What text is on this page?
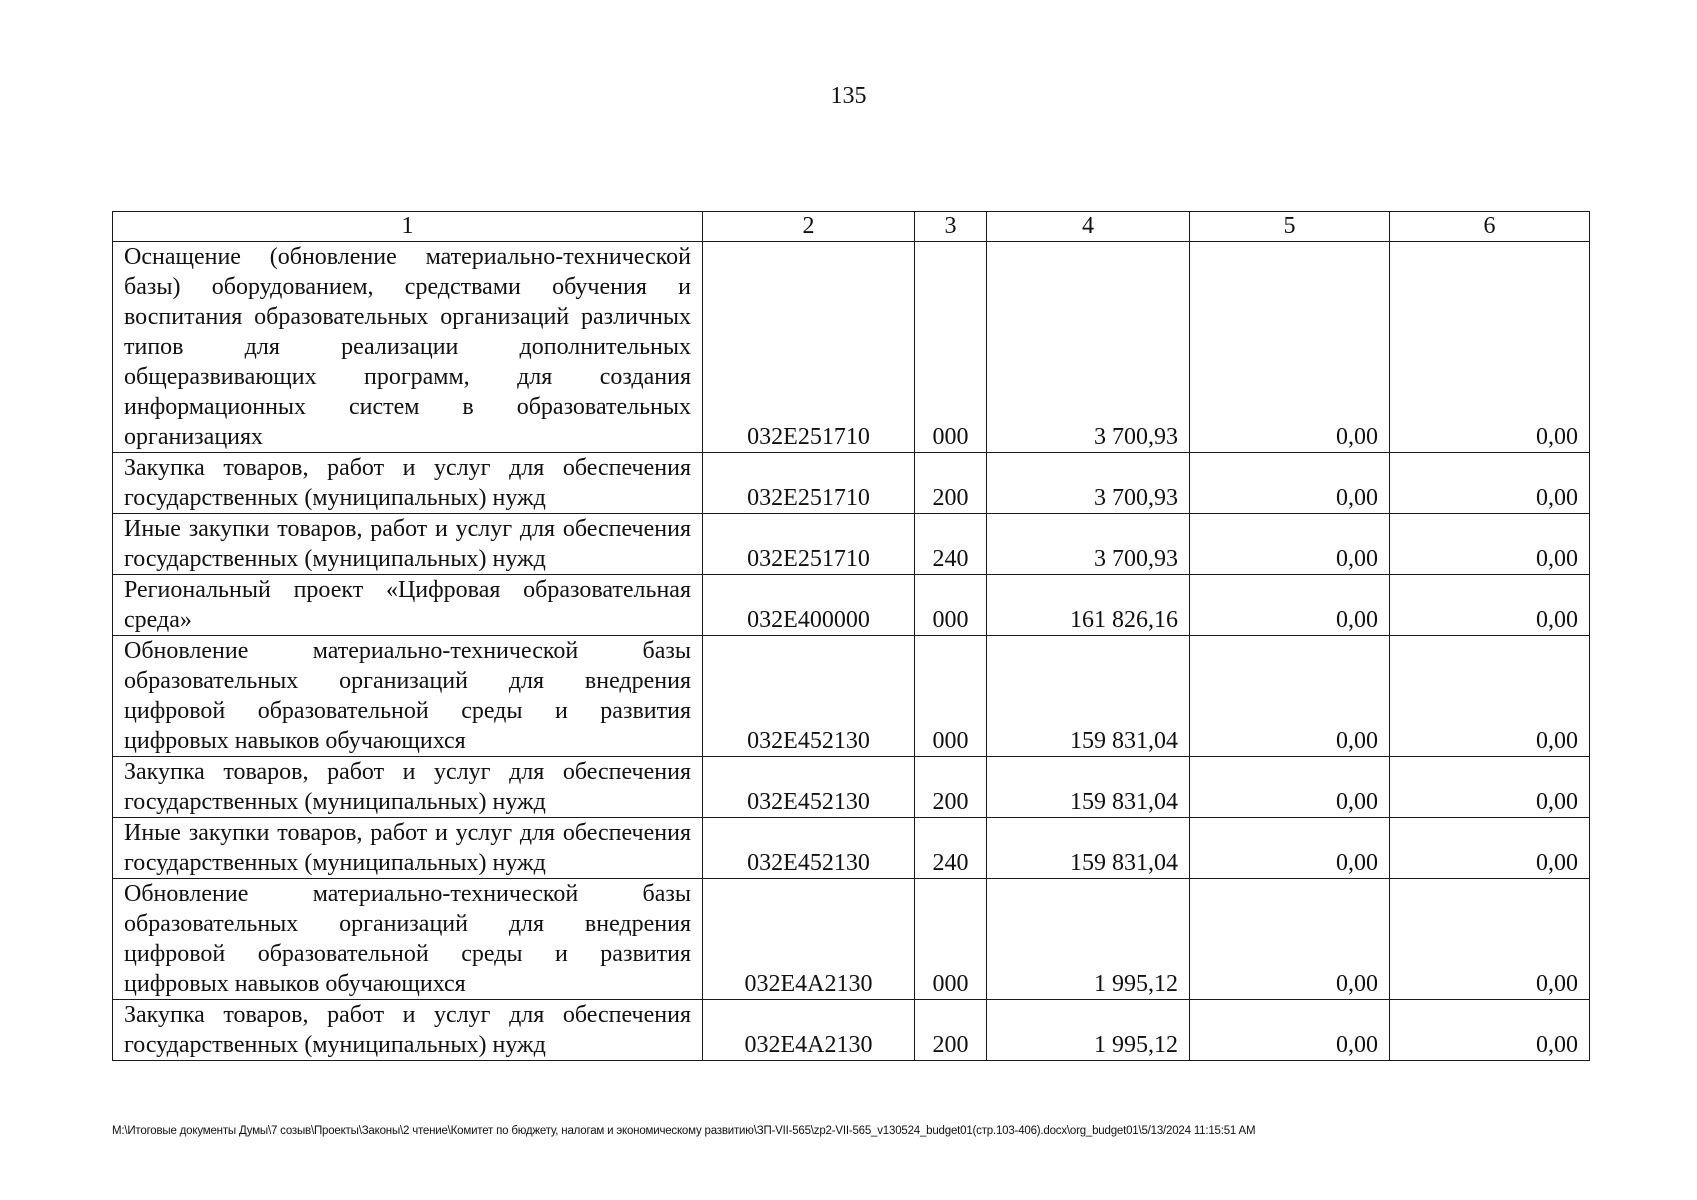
135
1	2	3	4	5	6
Оснащение (обновление материально-технической базы) оборудованием, средствами обучения и воспитания образовательных организаций различных типов для реализации дополнительных общеразвивающих программ, для создания информационных систем в образовательных организациях	032E251710	000	3 700,93	0,00	0,00
Закупка товаров, работ и услуг для обеспечения государственных (муниципальных) нужд	032E251710	200	3 700,93	0,00	0,00
Иные закупки товаров, работ и услуг для обеспечения государственных (муниципальных) нужд	032E251710	240	3 700,93	0,00	0,00
Региональный проект «Цифровая образовательная среда»	032E400000	000	161 826,16	0,00	0,00
Обновление материально-технической базы образовательных организаций для внедрения цифровой образовательной среды и развития цифровых навыков обучающихся	032E452130	000	159 831,04	0,00	0,00
Закупка товаров, работ и услуг для обеспечения государственных (муниципальных) нужд	032E452130	200	159 831,04	0,00	0,00
Иные закупки товаров, работ и услуг для обеспечения государственных (муниципальных) нужд	032E452130	240	159 831,04	0,00	0,00
Обновление материально-технической базы образовательных организаций для внедрения цифровой образовательной среды и развития цифровых навыков обучающихся	032E4A2130	000	1 995,12	0,00	0,00
Закупка товаров, работ и услуг для обеспечения государственных (муниципальных) нужд	032E4A2130	200	1 995,12	0,00	0,00
M:\Итоговые документы Думы\7 созыв\Проекты\Законы\2 чтение\Комитет по бюджету, налогам и экономическому развитию\ЗП-VII-565\zp2-VII-565_v130524_budget01(стр.103-406).docx\org_budget01\5/13/2024 11:15:51 AM
